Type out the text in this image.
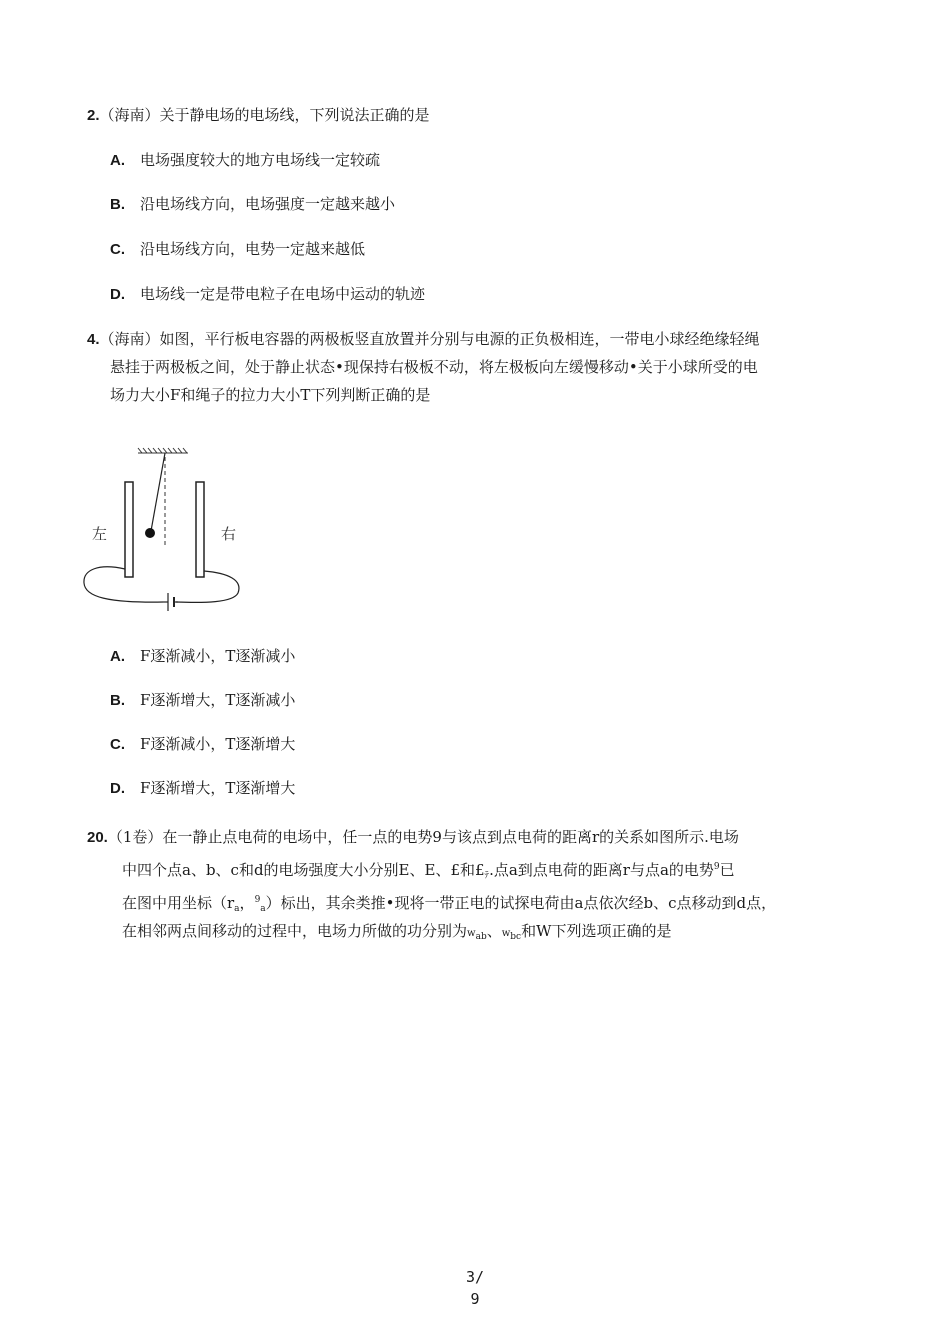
2.（海南）关于静电场的电场线，下列说法正确的是
A. 电场强度较大的地方电场线一定较疏
B. 沿电场线方向，电场强度一定越来越小
C. 沿电场线方向，电势一定越来越低
D. 电场线一定是带电粒子在电场中运动的轨迹
4.（海南）如图，平行板电容器的两极板竖直放置并分别与电源的正负极相连，一带电小球经绝缘轻绳
悬挂于两极板之间，处于静止状态•现保持右极板不动，将左极板向左缓慢移动•关于小球所受的电
场力大小F和绳子的拉力大小T下列判断正确的是
左	右
A. F逐渐减小，T逐渐减小
B. F逐渐增大，T逐渐减小
C. F逐渐减小，T逐渐增大
D. F逐渐增大，T逐渐增大
20.（1卷）在一静止点电荷的电场中，任一点的电势9与该点到点电荷的距离r的关系如图所示.电场
中四个点a、b、c和d的电场强度大小分别E、E、£和$£_ﾃ$.点a到点电荷的距离r与点a的电势$^9$已
在图中用坐标（$r_a$，$^9_a$）标出，其余类推•现将一带正电的试探电荷由a点依次经b、c点移动到d点，
在相邻两点间移动的过程中，电场力所做的功分别为$w_{ab}$、$w_{bc}$和W下列选项正确的是
3/
9
